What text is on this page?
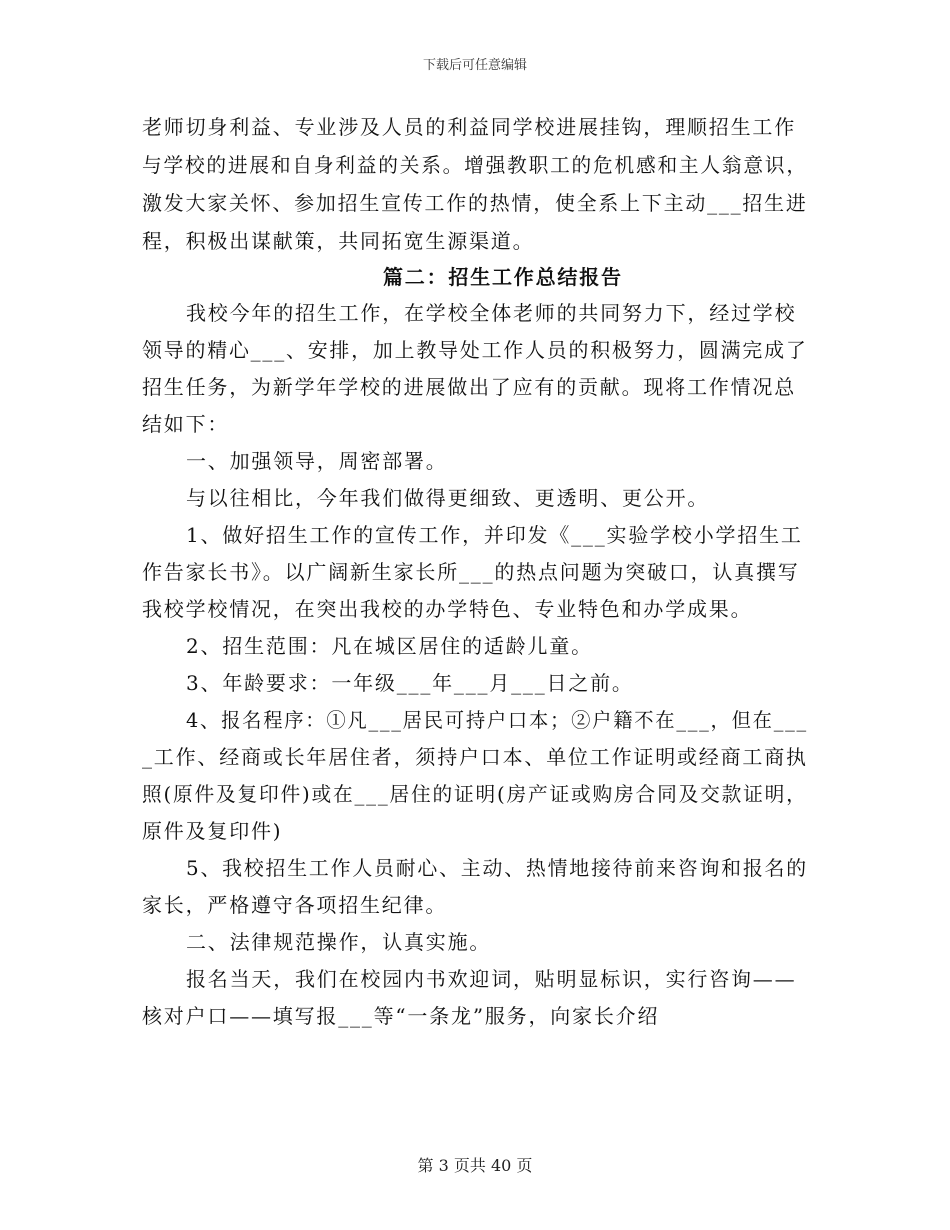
下载后可任意编辑
老师切身利益、专业涉及人员的利益同学校进展挂钩，理顺招生工作
与学校的进展和自身利益的关系。增强教职工的危机感和主人翁意识，
激发大家关怀、参加招生宣传工作的热情，使全系上下主动___招生进
程，积极出谋献策，共同拓宽生源渠道。
篇二：招生工作总结报告
我校今年的招生工作，在学校全体老师的共同努力下，经过学校
领导的精心___、安排，加上教导处工作人员的积极努力，圆满完成了
招生任务，为新学年学校的进展做出了应有的贡献。现将工作情况总
结如下：
一、加强领导，周密部署。
与以往相比，今年我们做得更细致、更透明、更公开。
1、做好招生工作的宣传工作，并印发《___实验学校小学招生工
作告家长书》。以广阔新生家长所___的热点问题为突破口，认真撰写
我校学校情况，在突出我校的办学特色、专业特色和办学成果。
2、招生范围：凡在城区居住的适龄儿童。
3、年龄要求：一年级___年___月___日之前。
4、报名程序：①凡___居民可持户口本；②户籍不在___，但在___
_工作、经商或长年居住者，须持户口本、单位工作证明或经商工商执
照(原件及复印件)或在___居住的证明(房产证或购房合同及交款证明，
原件及复印件)
5、我校招生工作人员耐心、主动、热情地接待前来咨询和报名的
家长，严格遵守各项招生纪律。
二、法律规范操作，认真实施。
报名当天，我们在校园内书欢迎词，贴明显标识，实行咨询——
核对户口——填写报___等“一条龙”服务，向家长介绍
第 3 页共 40 页
